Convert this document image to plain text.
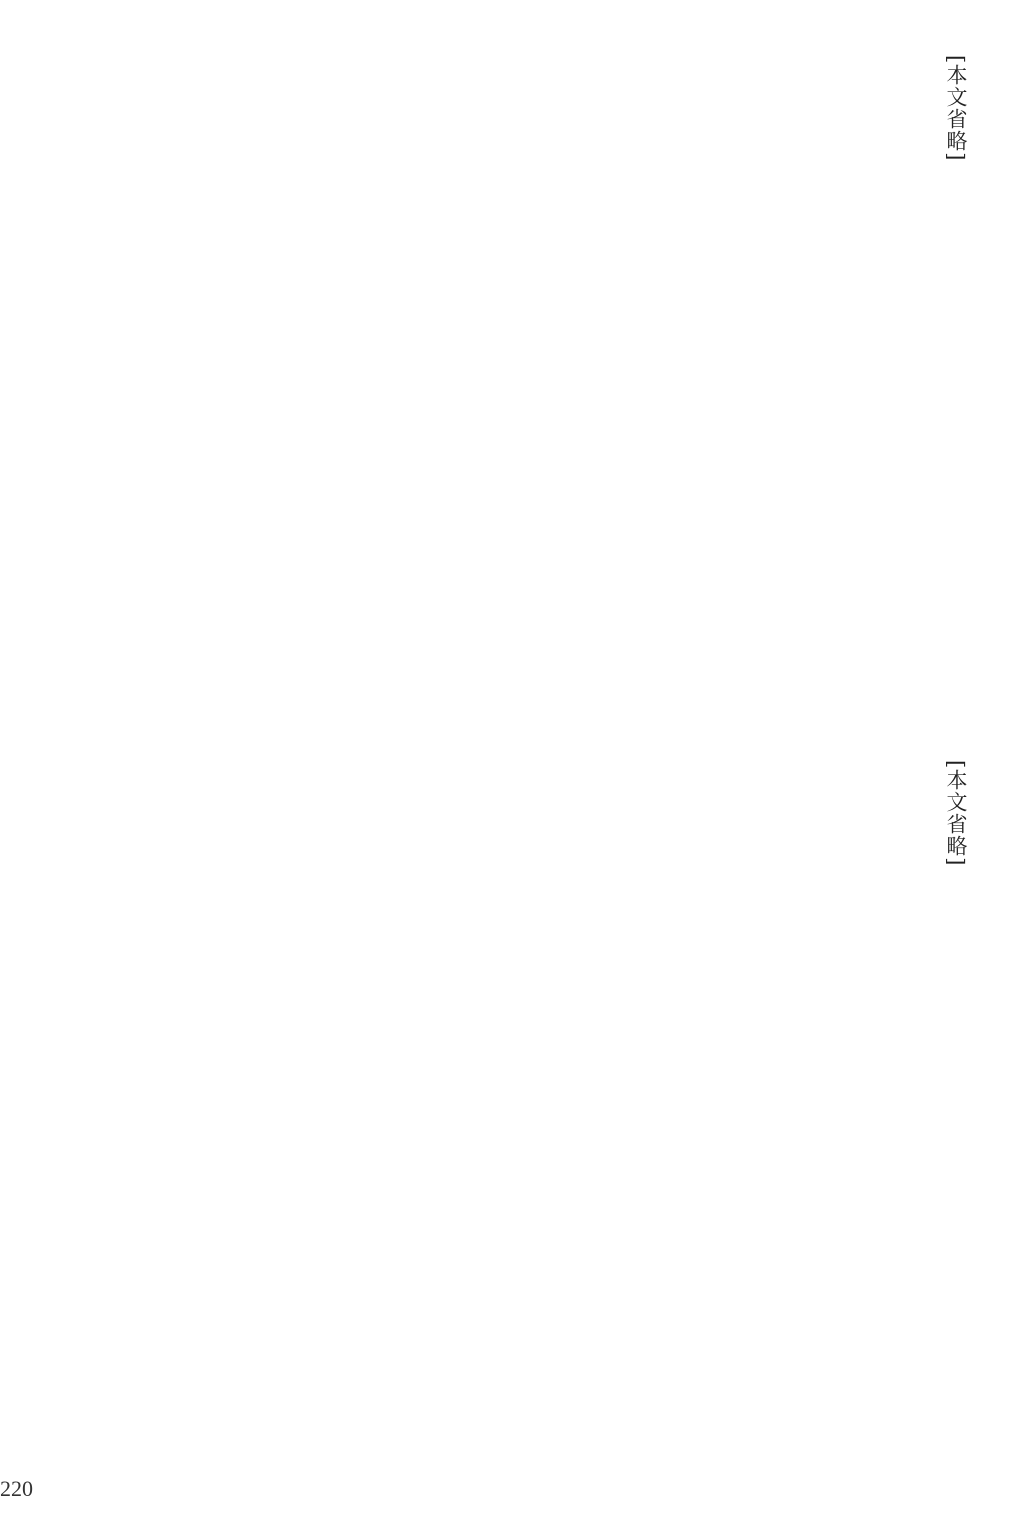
[本文省略]

[本文省略]

220
